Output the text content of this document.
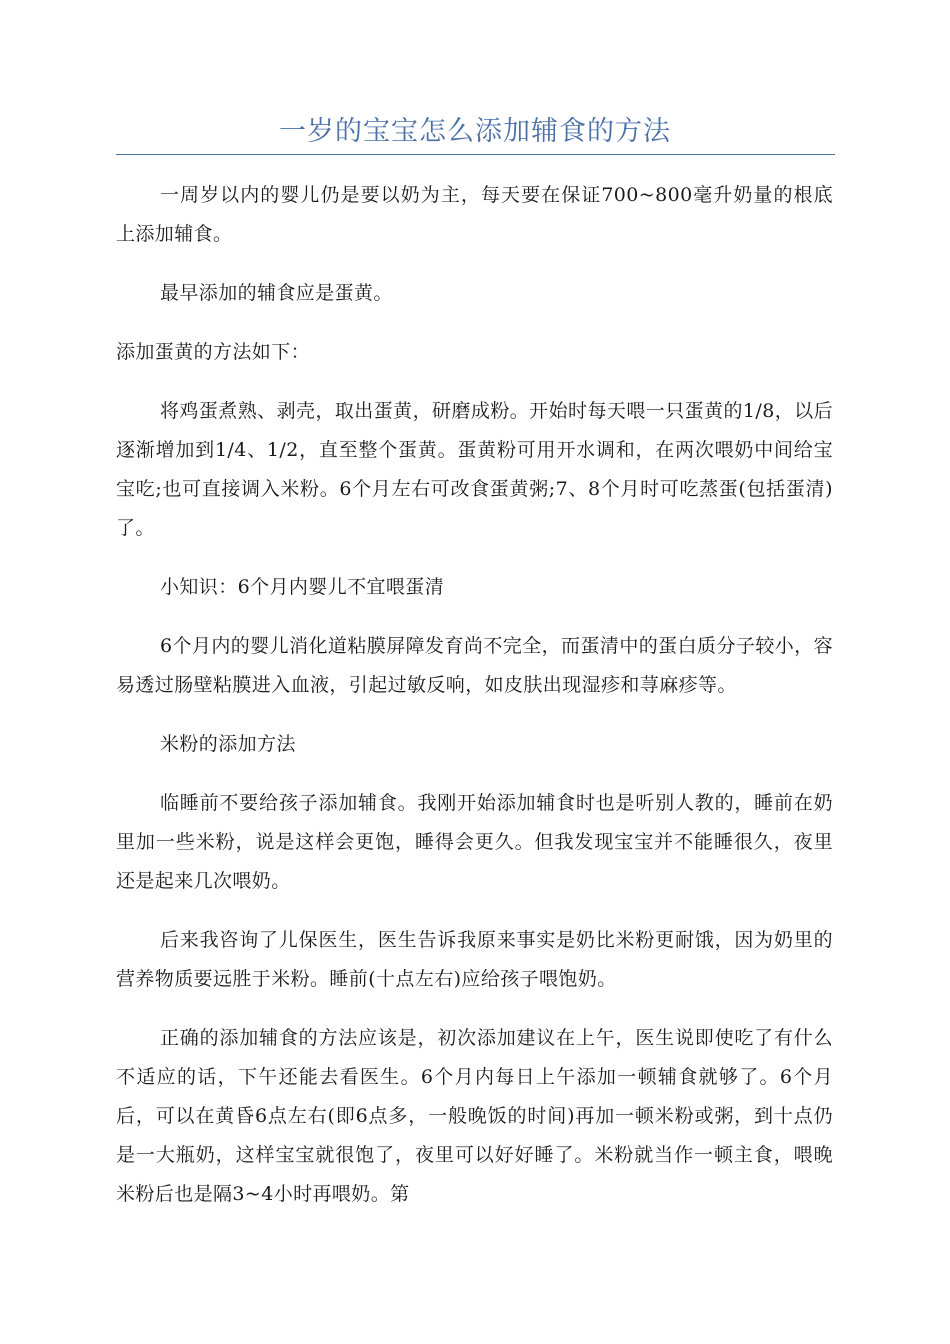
一岁的宝宝怎么添加辅食的方法

一周岁以内的婴儿仍是要以奶为主，每天要在保证700~800毫升奶量的根底上添加辅食。

最早添加的辅食应是蛋黄。

添加蛋黄的方法如下：

将鸡蛋煮熟、剥壳，取出蛋黄，研磨成粉。开始时每天喂一只蛋黄的1/8，以后逐渐增加到1/4、1/2，直至整个蛋黄。蛋黄粉可用开水调和，在两次喂奶中间给宝宝吃;也可直接调入米粉。6个月左右可改食蛋黄粥;7、8个月时可吃蒸蛋(包括蛋清)了。

小知识：6个月内婴儿不宜喂蛋清

6个月内的婴儿消化道粘膜屏障发育尚不完全，而蛋清中的蛋白质分子较小，容易透过肠壁粘膜进入血液，引起过敏反响，如皮肤出现湿疹和荨麻疹等。

米粉的添加方法

临睡前不要给孩子添加辅食。我刚开始添加辅食时也是听别人教的，睡前在奶里加一些米粉，说是这样会更饱，睡得会更久。但我发现宝宝并不能睡很久，夜里还是起来几次喂奶。

后来我咨询了儿保医生，医生告诉我原来事实是奶比米粉更耐饿，因为奶里的营养物质要远胜于米粉。睡前(十点左右)应给孩子喂饱奶。

正确的添加辅食的方法应该是，初次添加建议在上午，医生说即使吃了有什么不适应的话，下午还能去看医生。6个月内每日上午添加一顿辅食就够了。6个月后，可以在黄昏6点左右(即6点多，一般晚饭的时间)再加一顿米粉或粥，到十点仍是一大瓶奶，这样宝宝就很饱了，夜里可以好好睡了。米粉就当作一顿主食，喂晚米粉后也是隔3~4小时再喂奶。第
